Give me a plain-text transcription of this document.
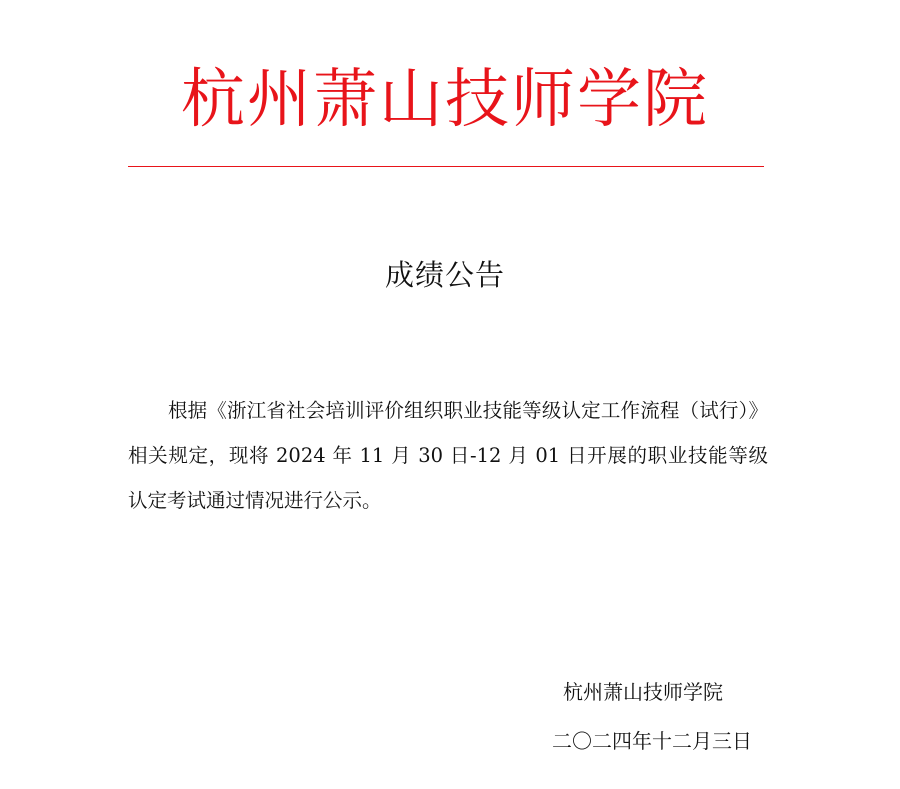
杭州萧山技师学院
成绩公告
根据《浙江省社会培训评价组织职业技能等级认定工作流程（试行）》相关规定，现将 2024 年 11 月 30 日-12 月 01 日开展的职业技能等级认定考试通过情况进行公示。
杭州萧山技师学院
二〇二四年十二月三日
